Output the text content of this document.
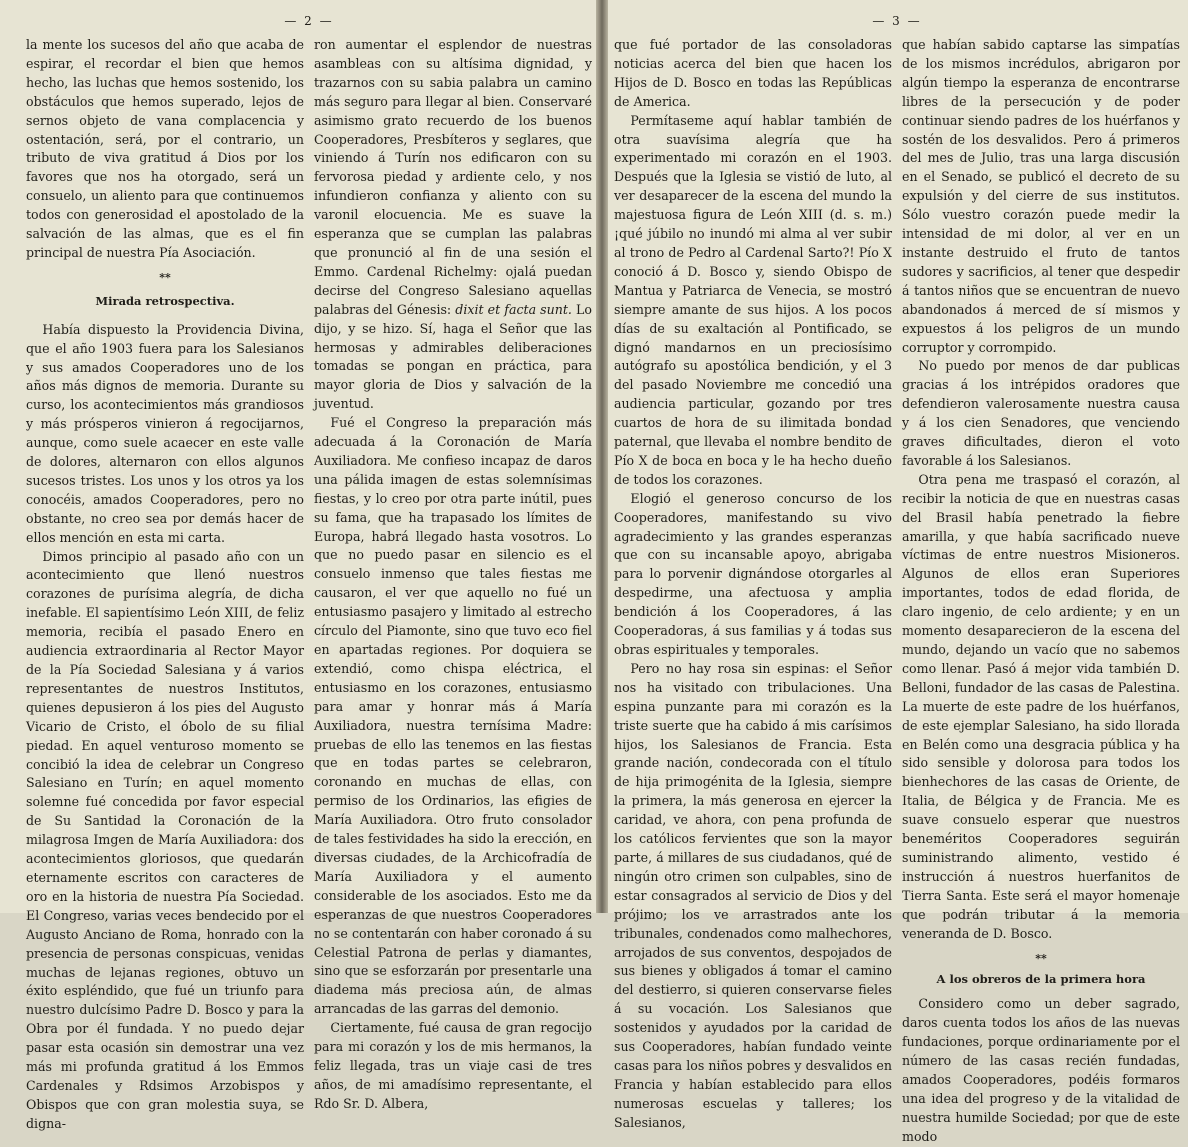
— 2 —

la mente los sucesos del año que acaba de espirar, el recordar el bien que hemos hecho, las luchas que hemos sostenido, los obstáculos que hemos superado, lejos de sernos objeto de vana complacencia y ostentación, será, por el contrario, un tributo de viva gratitud á Dios por los favores que nos ha otorgado, será un consuelo, un aliento para que continuemos todos con generosidad el apostolado de la salvación de las almas, que es el fin principal de nuestra Pía Asociación.

**
Mirada retrospectiva.

Había dispuesto la Providencia Divina, que el año 1903 fuera para los Salesianos y sus amados Cooperadores uno de los años más dignos de memoria. Durante su curso, los acontecimientos más grandiosos y más prósperos vinieron á regocijarnos, aunque, como suele acaecer en este valle de dolores, alternaron con ellos algunos sucesos tristes. Los unos y los otros ya los conocéis, amados Cooperadores, pero no obstante, no creo sea por demás hacer de ellos mención en esta mi carta.

Dimos principio al pasado año con un acontecimiento que llenó nuestros corazones de purísima alegría, de dicha inefable. El sapientísimo León XIII, de feliz memoria, recibía el pasado Enero en audiencia extraordinaria al Rector Mayor de la Pía Sociedad Salesiana y á varios representantes de nuestros Institutos, quienes depusieron á los pies del Augusto Vicario de Cristo, el óbolo de su filial piedad. En aquel venturoso momento se concibió la idea de celebrar un Congreso Salesiano en Turín; en aquel momento solemne fué concedida por favor especial de Su Santidad la Coronación de la milagrosa Imgen de María Auxiliadora: dos acontecimientos gloriosos, que quedarán eternamente escritos con caracteres de oro en la historia de nuestra Pía Sociedad. El Congreso, varias veces bendecido por el Augusto Anciano de Roma, honrado con la presencia de personas conspicuas, venidas muchas de lejanas regiones, obtuvo un éxito espléndido, que fué un triunfo para nuestro dulcísimo Padre D. Bosco y para la Obra por él fundada. Y no puedo dejar pasar esta ocasión sin demostrar una vez más mi profunda gratitud á los Emmos Cardenales y Rdsimos Arzobispos y Obispos que con gran molestia suya, se digna-

ron aumentar el esplendor de nuestras asambleas con su altísima dignidad, y trazarnos con su sabia palabra un camino más seguro para llegar al bien. Conservaré asimismo grato recuerdo de los buenos Cooperadores, Presbíteros y seglares, que viniendo á Turín nos edificaron con su fervorosa piedad y ardiente celo, y nos infundieron confianza y aliento con su varonil elocuencia. Me es suave la esperanza que se cumplan las palabras que pronunció al fin de una sesión el Emmo. Cardenal Richelmy: ojalá puedan decirse del Congreso Salesiano aquellas palabras del Génesis: dixit et facta sunt. Lo dijo, y se hizo. Sí, haga el Señor que las hermosas y admirables deliberaciones tomadas se pongan en práctica, para mayor gloria de Dios y salvación de la juventud.

Fué el Congreso la preparación más adecuada á la Coronación de María Auxiliadora. Me confieso incapaz de daros una pálida imagen de estas solemnísimas fiestas, y lo creo por otra parte inútil, pues su fama, que ha trapasado los límites de Europa, habrá llegado hasta vosotros. Lo que no puedo pasar en silencio es el consuelo inmenso que tales fiestas me causaron, el ver que aquello no fué un entusiasmo pasajero y limitado al estrecho círculo del Piamonte, sino que tuvo eco fiel en apartadas regiones. Por doquiera se extendió, como chispa eléctrica, el entusiasmo en los corazones, entusiasmo para amar y honrar más á María Auxiliadora, nuestra ternísima Madre: pruebas de ello las tenemos en las fiestas que en todas partes se celebraron, coronando en muchas de ellas, con permiso de los Ordinarios, las efigies de María Auxiliadora. Otro fruto consolador de tales festividades ha sido la erección, en diversas ciudades, de la Archicofradía de María Auxiliadora y el aumento considerable de los asociados. Esto me da esperanzas de que nuestros Cooperadores no se contentarán con haber coronado á su Celestial Patrona de perlas y diamantes, sino que se esforzarán por presentarle una diadema más preciosa aún, de almas arrancadas de las garras del demonio.

Ciertamente, fué causa de gran regocijo para mi corazón y los de mis hermanos, la feliz llegada, tras un viaje casi de tres años, de mi amadísimo representante, el Rdo Sr. D. Albera,

— 3 —

que fué portador de las consoladoras noticias acerca del bien que hacen los Hijos de D. Bosco en todas las Repúblicas de America.

Permítaseme aquí hablar también de otra suavísima alegría que ha experimentado mi corazón en el 1903. Después que la Iglesia se vistió de luto, al ver desaparecer de la escena del mundo la majestuosa figura de León XIII (d. s. m.) ¡qué júbilo no inundó mi alma al ver subir al trono de Pedro al Cardenal Sarto?! Pío X conoció á D. Bosco y, siendo Obispo de Mantua y Patriarca de Venecia, se mostró siempre amante de sus hijos. A los pocos días de su exaltación al Pontificado, se dignó mandarnos en un preciosísimo autógrafo su apostólica bendición, y el 3 del pasado Noviembre me concedió una audiencia particular, gozando por tres cuartos de hora de su ilimitada bondad paternal, que llevaba el nombre bendito de Pío X de boca en boca y le ha hecho dueño de todos los corazones.

Elogió el generoso concurso de los Cooperadores, manifestando su vivo agradecimiento y las grandes esperanzas que con su incansable apoyo, abrigaba para lo porvenir dignándose otorgarles al despedirme, una afectuosa y amplia bendición á los Cooperadores, á las Cooperadoras, á sus familias y á todas sus obras espirituales y temporales.

Pero no hay rosa sin espinas: el Señor nos ha visitado con tribulaciones. Una espina punzante para mi corazón es la triste suerte que ha cabido á mis carísimos hijos, los Salesianos de Francia. Esta grande nación, condecorada con el título de hija primogénita de la Iglesia, siempre la primera, la más generosa en ejercer la caridad, ve ahora, con pena profunda de los católicos fervientes que son la mayor parte, á millares de sus ciudadanos, qué de ningún otro crimen son culpables, sino de estar consagrados al servicio de Dios y del prójimo; los ve arrastrados ante los tribunales, condenados como malhechores, arrojados de sus conventos, despojados de sus bienes y obligados á tomar el camino del destierro, si quieren conservarse fieles á su vocación. Los Salesianos que sostenidos y ayudados por la caridad de sus Cooperadores, habían fundado veinte casas para los niños pobres y desvalidos en Francia y habían establecido para ellos numerosas escuelas y talleres; los Salesianos,

que habían sabido captarse las simpatías de los mismos incrédulos, abrigaron por algún tiempo la esperanza de encontrarse libres de la persecución y de poder continuar siendo padres de los huérfanos y sostén de los desvalidos. Pero á primeros del mes de Julio, tras una larga discusión en el Senado, se publicó el decreto de su expulsión y del cierre de sus institutos. Sólo vuestro corazón puede medir la intensidad de mi dolor, al ver en un instante destruido el fruto de tantos sudores y sacrificios, al tener que despedir á tantos niños que se encuentran de nuevo abandonados á merced de sí mismos y expuestos á los peligros de un mundo corruptor y corrompido.

No puedo por menos de dar publicas gracias á los intrépidos oradores que defendieron valerosamente nuestra causa y á los cien Senadores, que venciendo graves dificultades, dieron el voto favorable á los Salesianos.

Otra pena me traspasó el corazón, al recibir la noticia de que en nuestras casas del Brasil había penetrado la fiebre amarilla, y que había sacrificado nueve víctimas de entre nuestros Misioneros. Algunos de ellos eran Superiores importantes, todos de edad florida, de claro ingenio, de celo ardiente; y en un momento desaparecieron de la escena del mundo, dejando un vacío que no sabemos como llenar. Pasó á mejor vida también D. Belloni, fundador de las casas de Palestina. La muerte de este padre de los huérfanos, de este ejemplar Salesiano, ha sido llorada en Belén como una desgracia pública y ha sido sensible y dolorosa para todos los bienhechores de las casas de Oriente, de Italia, de Bélgica y de Francia. Me es suave consuelo esperar que nuestros beneméritos Cooperadores seguirán suministrando alimento, vestido é instrucción á nuestros huerfanitos de Tierra Santa. Este será el mayor homenaje que podrán tributar á la memoria veneranda de D. Bosco.

**
A los obreros de la primera hora

Considero como un deber sagrado, daros cuenta todos los años de las nuevas fundaciones, porque ordinariamente por el número de las casas recién fundadas, amados Cooperadores, podéis formaros una idea del progreso y de la vitalidad de nuestra humilde Sociedad; por que de este modo
